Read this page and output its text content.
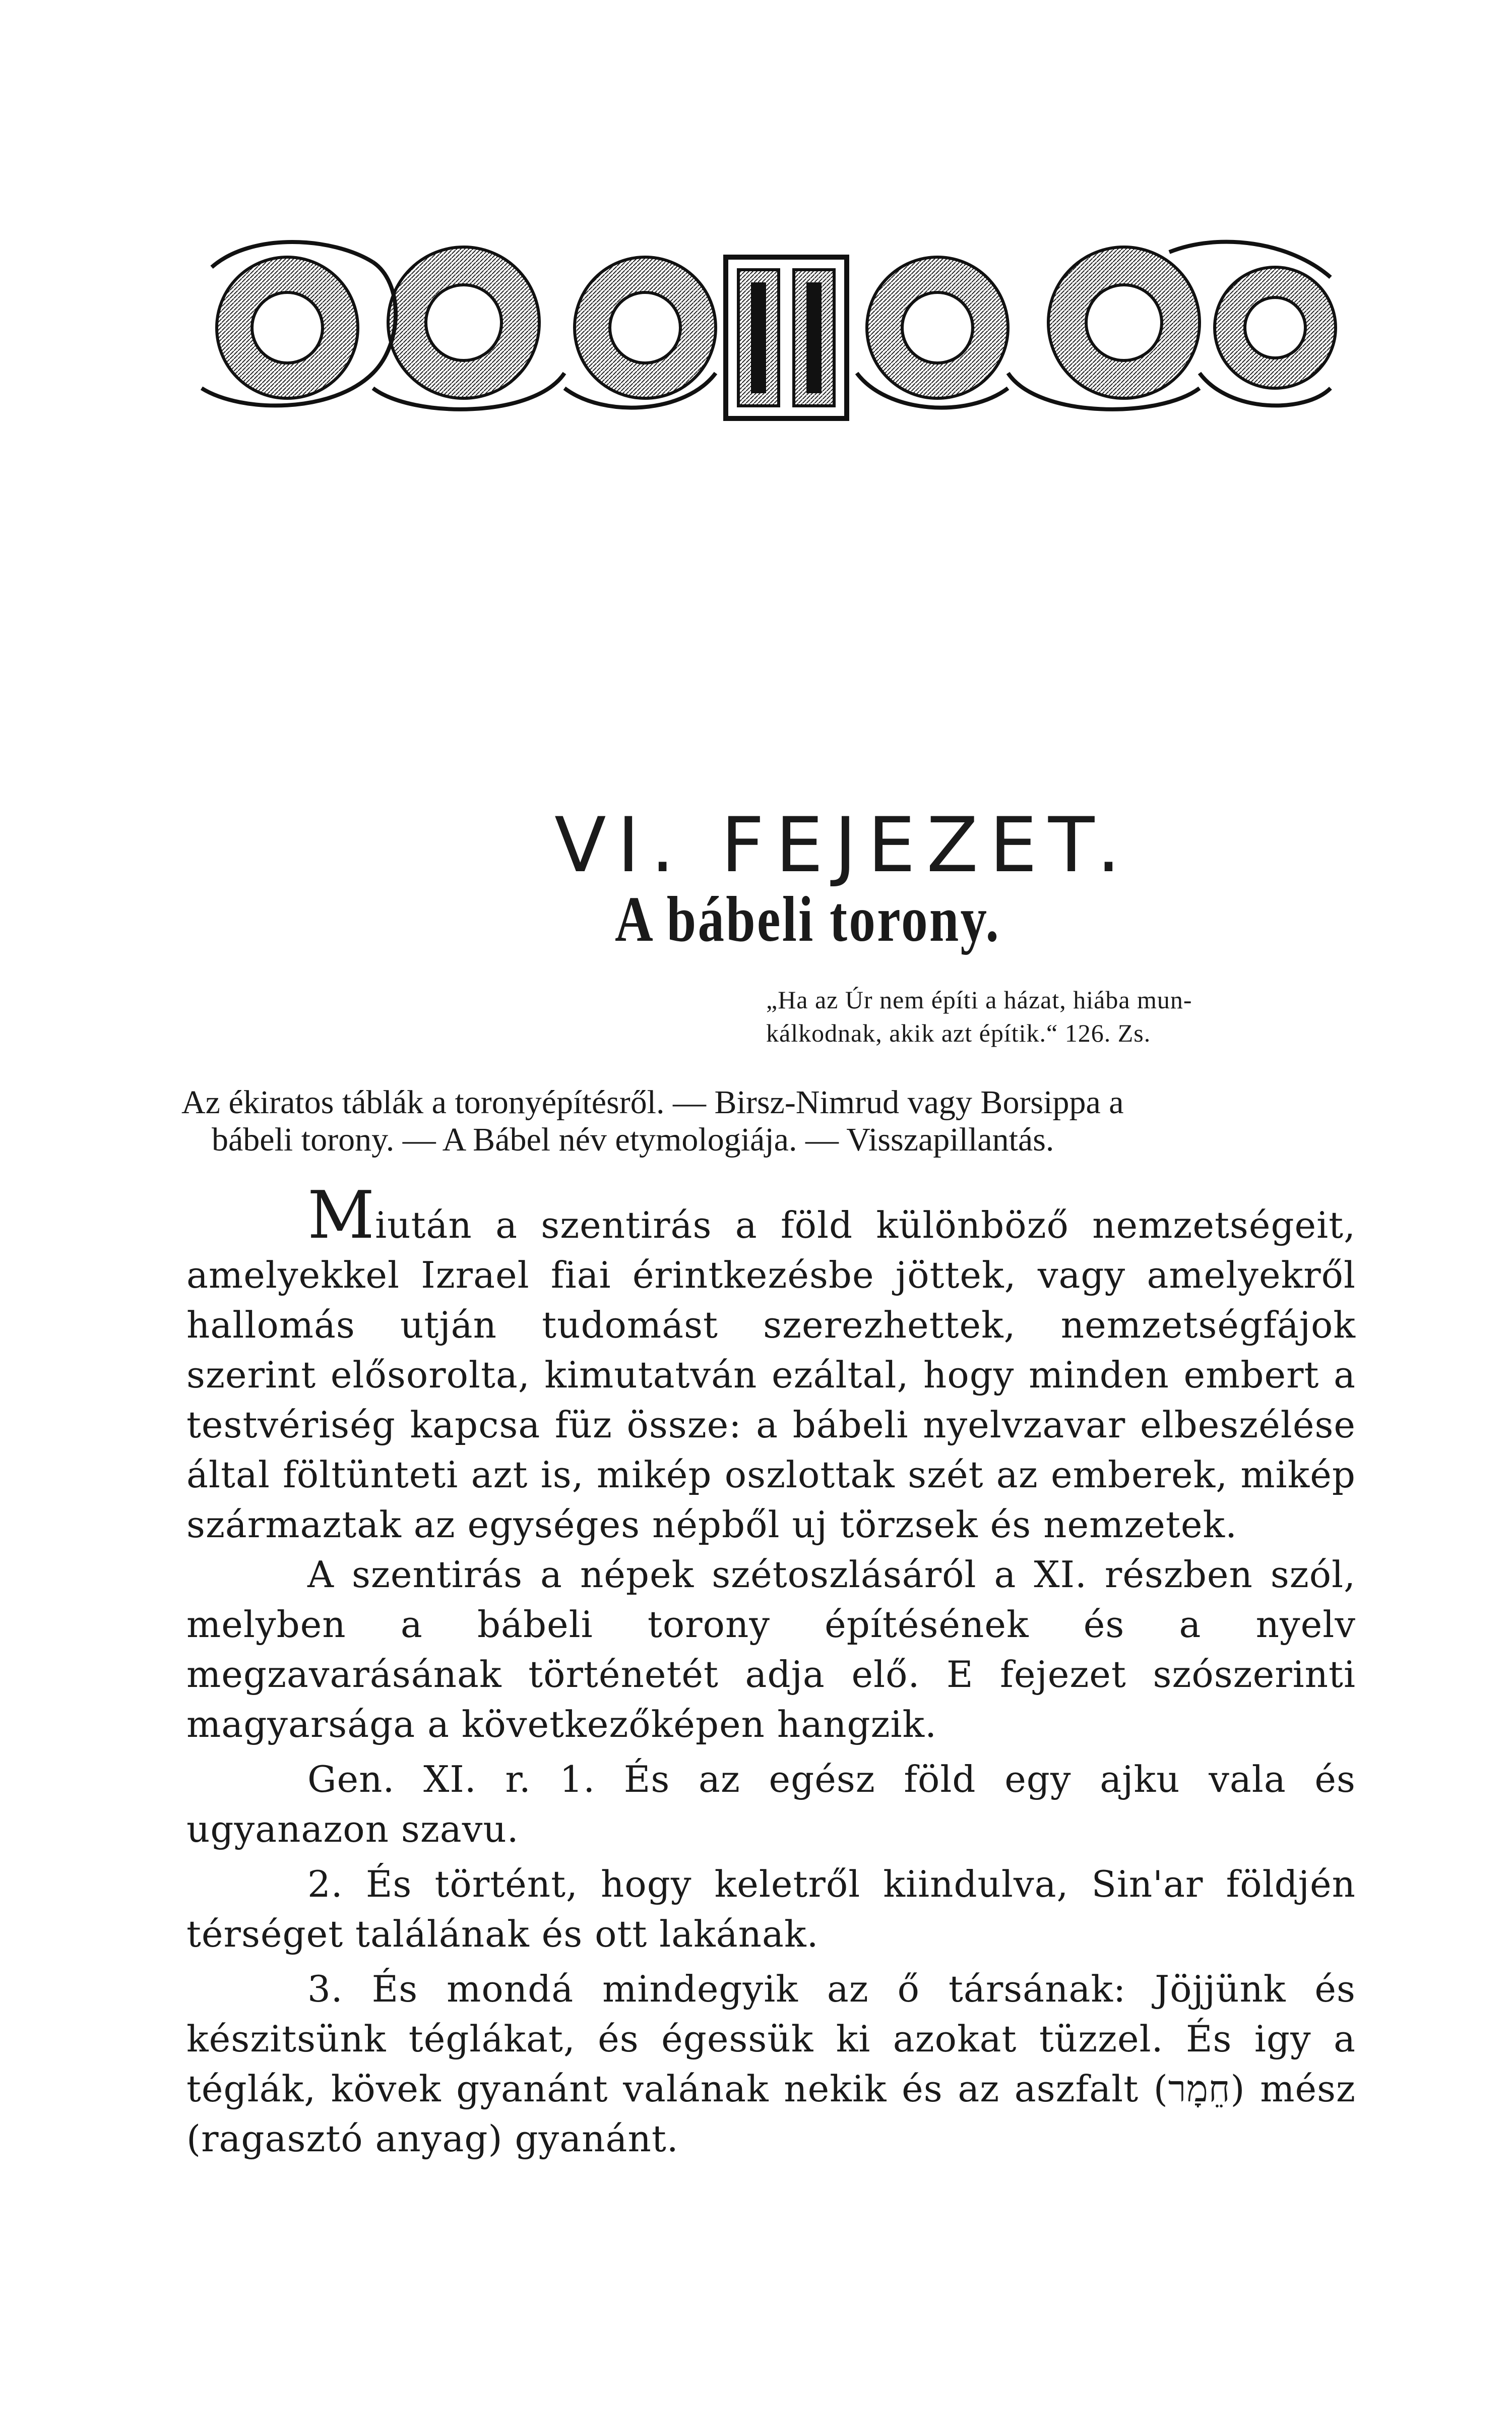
VI. FEJEZET.
A bábeli torony.
„Ha az Úr nem építi a házat, hiába mun-

kálkodnak, akik azt építik.“ 126. Zs.
Az ékiratos táblák a toronyépítésről. — Birsz-Nimrud vagy Borsippa a
bábeli torony. — A Bábel név etymologiája. — Visszapillantás.

Miután a szentirás a föld különböző nemzetségeit, amelyekkel Izrael fiai érintkezésbe jöttek, vagy amelyekről hallomás utján tudomást szerezhettek, nemzetségfájok szerint elősorolta, kimutatván ezáltal, hogy minden embert a testvériség kapcsa füz össze: a bábeli nyelvzavar elbeszélése által föltünteti azt is, mikép oszlottak szét az emberek, mikép származtak az egységes népből uj törzsek és nemzetek.

A szentirás a népek szétoszlásáról a XI. részben szól, melyben a bábeli torony építésének és a nyelv megzavarásának történetét adja elő. E fejezet szószerinti magyarsága a következőképen hangzik.

Gen. XI. r. 1. És az egész föld egy ajku vala és ugyanazon szavu.

2. És történt, hogy keletről kiindulva, Sin'ar földjén térséget találának és ott lakának.

3. És mondá mindegyik az ő társának: Jöjjünk és készitsünk téglákat, és égessük ki azokat tüzzel. És igy a téglák, kövek gyanánt valának nekik és az aszfalt (חֵמָר) mész (ragasztó anyag) gyanánt.
